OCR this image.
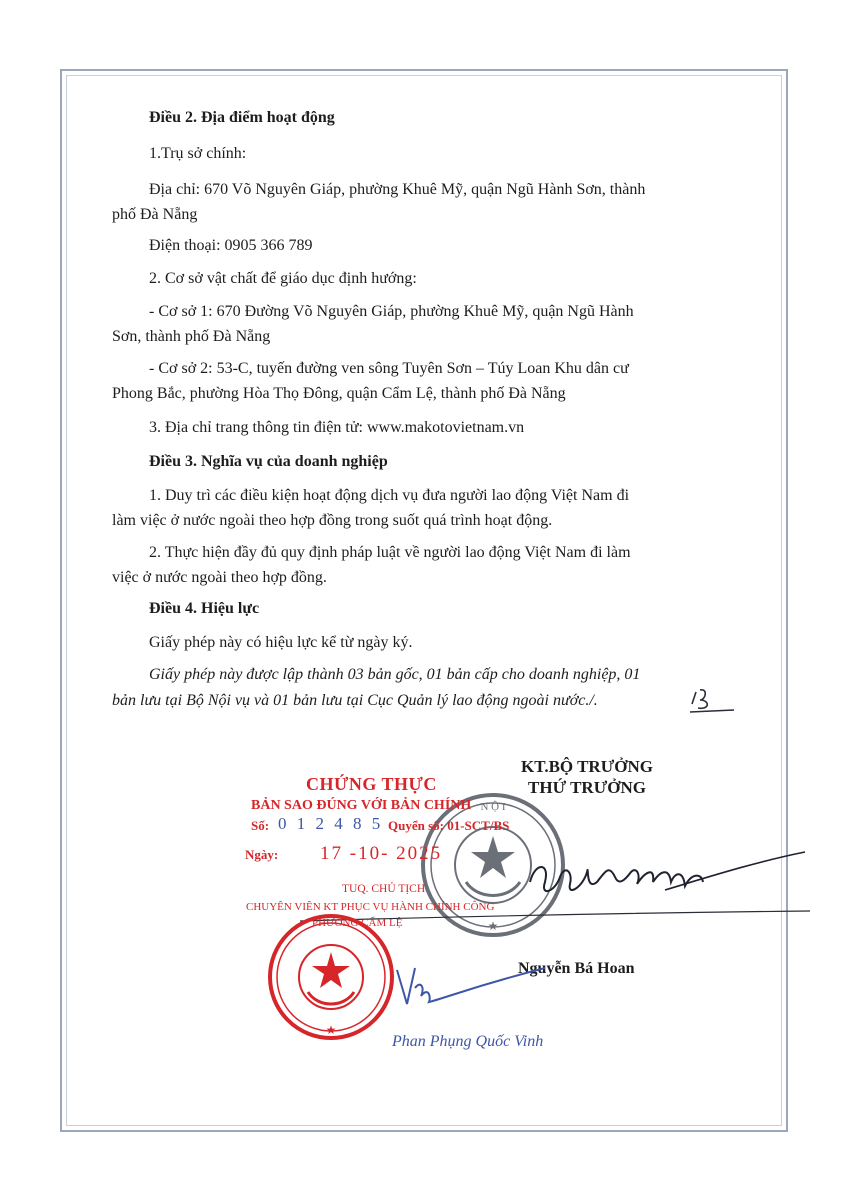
Điều 2. Địa điểm hoạt động
1.Trụ sở chính:
Địa chỉ: 670 Võ Nguyên Giáp, phường Khuê Mỹ, quận Ngũ Hành Sơn, thành
phố Đà Nẵng
Điện thoại: 0905 366 789
2. Cơ sở vật chất để giáo dục định hướng:
- Cơ sở 1: 670 Đường Võ Nguyên Giáp, phường Khuê Mỹ, quận Ngũ Hành
Sơn, thành phố Đà Nẵng
- Cơ sở 2: 53-C, tuyến đường ven sông Tuyên Sơn – Túy Loan Khu dân cư
Phong Bắc, phường Hòa Thọ Đông, quận Cẩm Lệ, thành phố Đà Nẵng
3. Địa chỉ trang thông tin điện tử: www.makotovietnam.vn
Điều 3. Nghĩa vụ của doanh nghiệp
1. Duy trì các điều kiện hoạt động dịch vụ đưa người lao động Việt Nam đi
làm việc ở nước ngoài theo hợp đồng trong suốt quá trình hoạt động.
2. Thực hiện đầy đủ quy định pháp luật về người lao động Việt Nam đi làm
việc ở nước ngoài theo hợp đồng.
Điều 4. Hiệu lực
Giấy phép này có hiệu lực kể từ ngày ký.
Giấy phép này được lập thành 03 bản gốc, 01 bản cấp cho doanh nghiệp, 01
bản lưu tại Bộ Nội vụ và 01 bản lưu tại Cục Quản lý lao động ngoài nước./.
KT.BỘ TRƯỞNG
THỨ TRƯỞNG
N Ộ I
★
Nguyễn Bá Hoan
CHỨNG THỰC
BẢN SAO ĐÚNG VỚI BẢN CHÍNH
Số: 0 1 2 4 8 5 Quyển số: 01-SCT/BS
Ngày: 17 -10- 2025
TUQ. CHỦ TỊCH
CHUYÊN VIÊN KT PHỤC VỤ HÀNH CHÍNH CÔNG
PHƯỜNG CẨM LỆ
★
Phan Phụng Quốc Vinh
